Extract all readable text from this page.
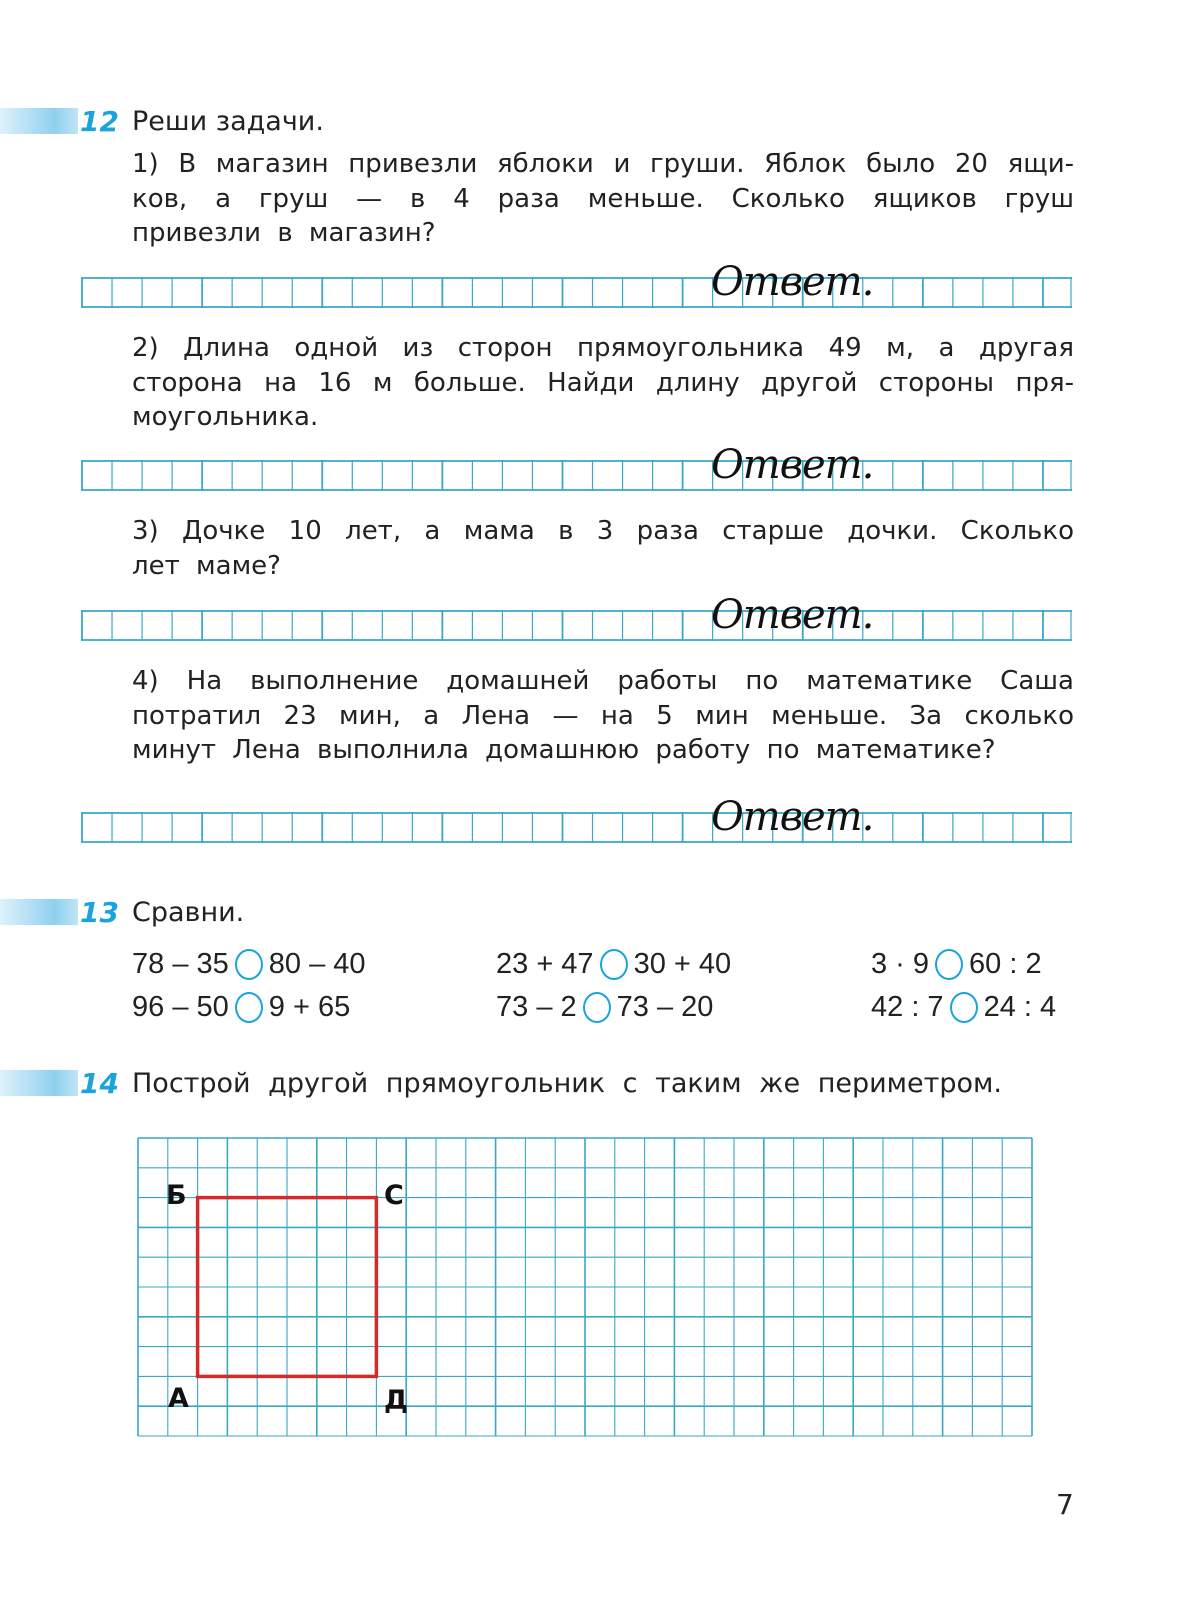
12 Реши задачи.
1) В магазин привезли яблоки и груши. Яблок было 20 ящи-
ков, а груш — в 4 раза меньше. Сколько ящиков груш
привезли в магазин?
Ответ.
2) Длина одной из сторон прямоугольника 49 м, а другая
сторона на 16 м больше. Найди длину другой стороны пря-
моугольника.
Ответ.
3) Дочке 10 лет, а мама в 3 раза старше дочки. Сколько
лет маме?
Ответ.
4) На выполнение домашней работы по математике Саша
потратил 23 мин, а Лена — на 5 мин меньше. За сколько
минут Лена выполнила домашнюю работу по математике?
Ответ.
13 Сравни.
78 – 35 80 – 40
96 – 50 9 + 65
23 + 47 30 + 40
73 – 2 73 – 20
3 · 9 60 : 2
42 : 7 24 : 4
14 Построй другой прямоугольник с таким же периметром.
Б	С
А	Д
7
